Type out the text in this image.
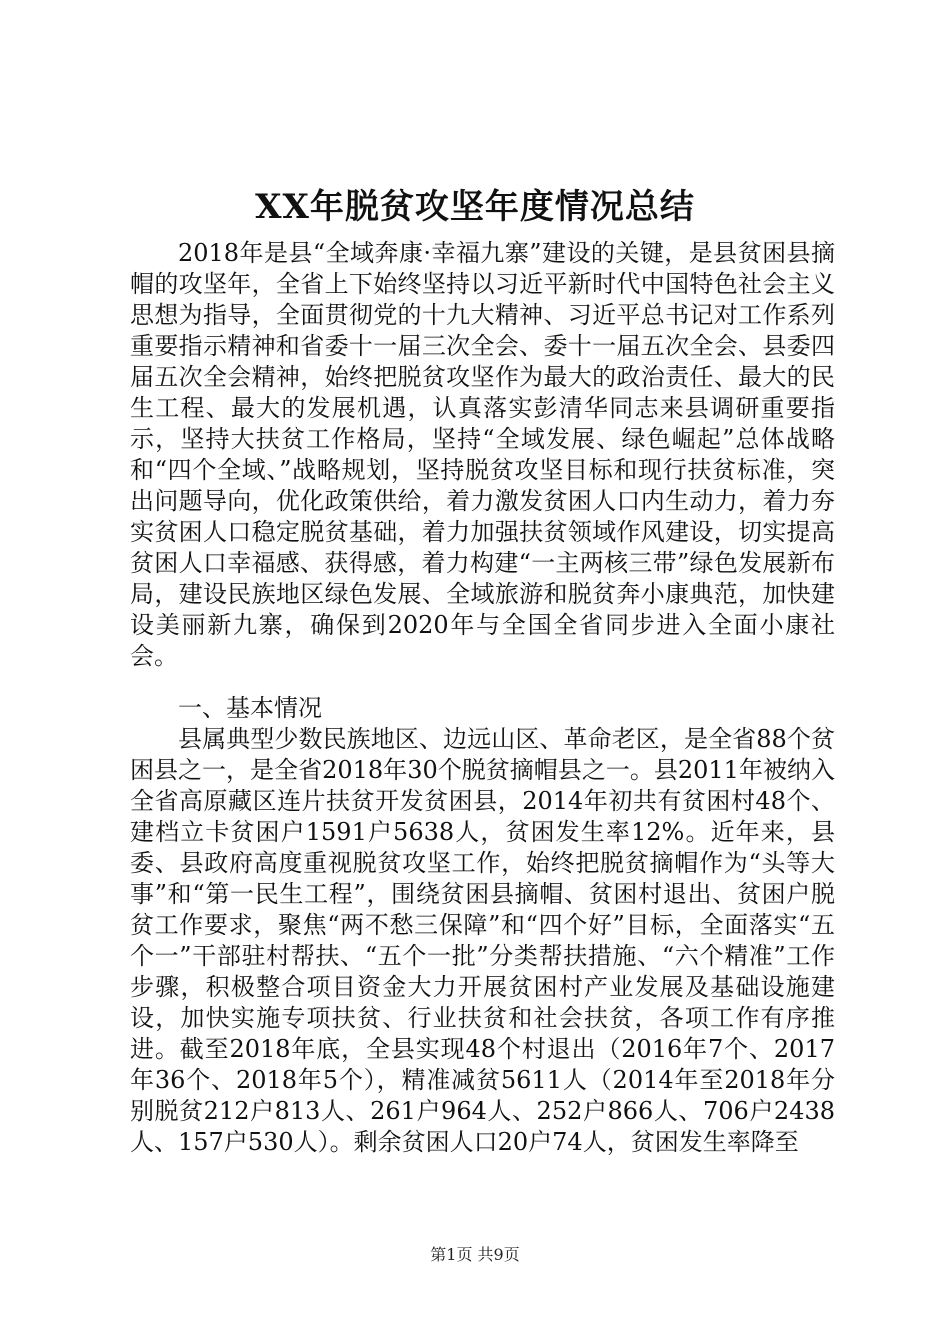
XX年脱贫攻坚年度情况总结

2018年是县“全域奔康·幸福九寨”建设的关键，是县贫困县摘帽的攻坚年，全省上下始终坚持以习近平新时代中国特色社会主义思想为指导，全面贯彻党的十九大精神、习近平总书记对工作系列重要指示精神和省委十一届三次全会、委十一届五次全会、县委四届五次全会精神，始终把脱贫攻坚作为最大的政治责任、最大的民生工程、最大的发展机遇，认真落实彭清华同志来县调研重要指示，坚持大扶贫工作格局，坚持“全域发展、绿色崛起”总体战略和“四个全域、”战略规划，坚持脱贫攻坚目标和现行扶贫标准，突出问题导向，优化政策供给，着力激发贫困人口内生动力，着力夯实贫困人口稳定脱贫基础，着力加强扶贫领域作风建设，切实提高贫困人口幸福感、获得感，着力构建“一主两核三带”绿色发展新布局，建设民族地区绿色发展、全域旅游和脱贫奔小康典范，加快建设美丽新九寨，确保到2020年与全国全省同步进入全面小康社会。

一、基本情况

县属典型少数民族地区、边远山区、革命老区，是全省88个贫困县之一，是全省2018年30个脱贫摘帽县之一。县2011年被纳入全省高原藏区连片扶贫开发贫困县，2014年初共有贫困村48个、建档立卡贫困户1591户5638人，贫困发生率12%。近年来，县委、县政府高度重视脱贫攻坚工作，始终把脱贫摘帽作为“头等大事”和“第一民生工程”，围绕贫困县摘帽、贫困村退出、贫困户脱贫工作要求，聚焦“两不愁三保障”和“四个好”目标，全面落实“五个一”干部驻村帮扶、“五个一批”分类帮扶措施、“六个精准”工作步骤，积极整合项目资金大力开展贫困村产业发展及基础设施建设，加快实施专项扶贫、行业扶贫和社会扶贫，各项工作有序推进。截至2018年底，全县实现48个村退出（2016年7个、2017年36个、2018年5个），精准减贫5611人（2014年至2018年分别脱贫212户813人、261户964人、252户866人、706户2438人、157户530人）。剩余贫困人口20户74人，贫困发生率降至

第1页 共9页
